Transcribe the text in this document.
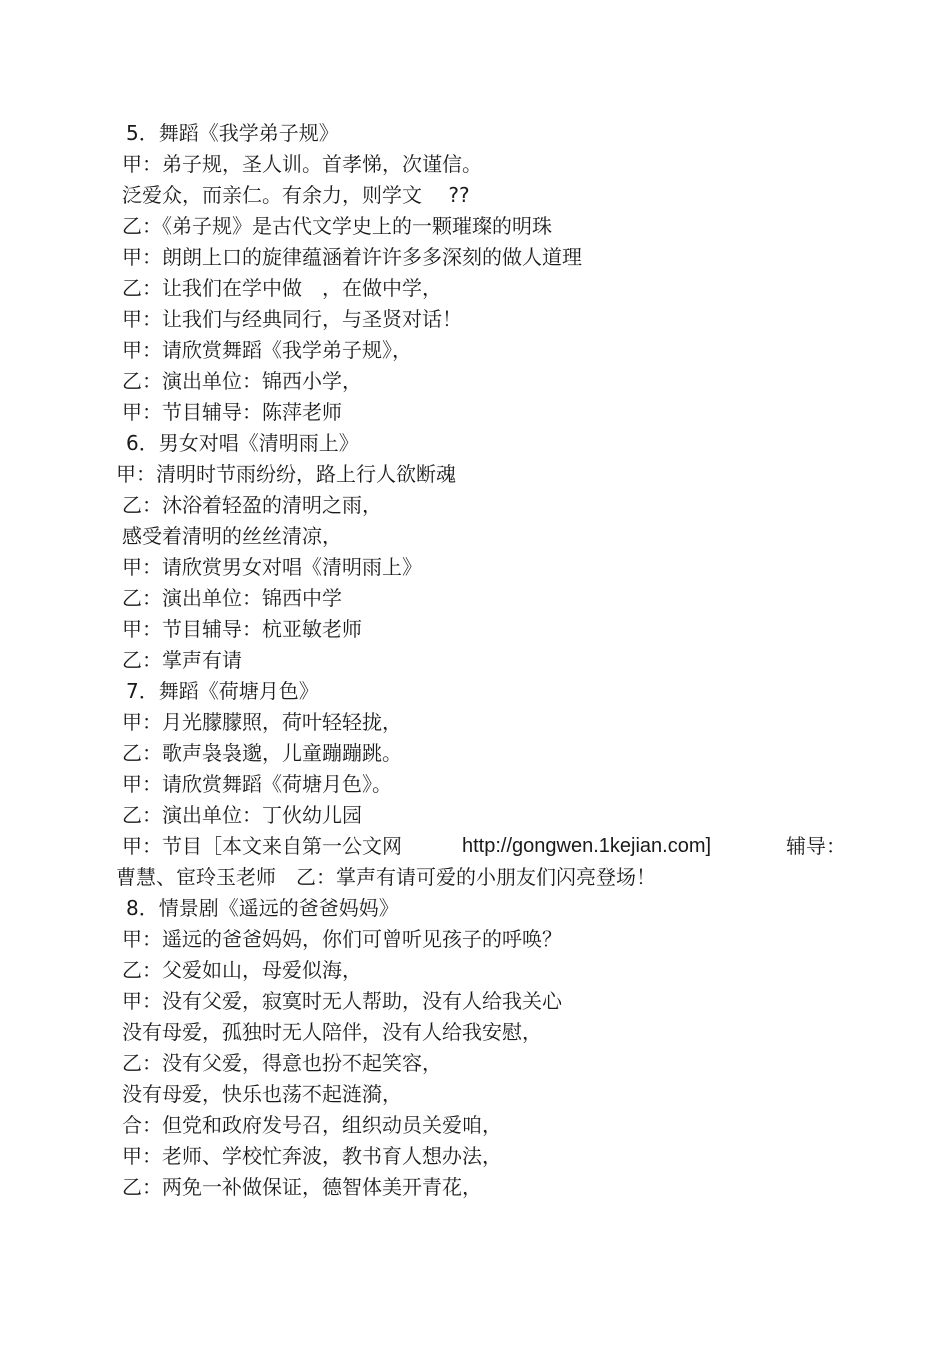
5．舞蹈《我学弟子规》
甲：弟子规，圣人训。首孝悌，次谨信。
泛爱众，而亲仁。有余力，则学文　 ??
乙：《弟子规》是古代文学史上的一颗璀璨的明珠
甲：朗朗上口的旋律蕴涵着许许多多深刻的做人道理
乙：让我们在学中做　，在做中学，
甲：让我们与经典同行，与圣贤对话！
甲：请欣赏舞蹈《我学弟子规》，
乙：演出单位：锦西小学，
甲：节目辅导：陈萍老师
6．男女对唱《清明雨上》
甲：清明时节雨纷纷，路上行人欲断魂
乙：沐浴着轻盈的清明之雨，
感受着清明的丝丝清凉，
甲：请欣赏男女对唱《清明雨上》
乙：演出单位：锦西中学
甲：节目辅导：杭亚敏老师
乙：掌声有请
7．舞蹈《荷塘月色》
甲：月光朦朦照，荷叶轻轻拢，
乙：歌声袅袅邈，儿童蹦蹦跳。
甲：请欣赏舞蹈《荷塘月色》。
乙：演出单位：丁伙幼儿园
甲：节目［本文来自第一公文网	http://gongwen.1kejian.com]	辅导：
曹慧、宦玲玉老师　乙：掌声有请可爱的小朋友们闪亮登场！
8．情景剧《遥远的爸爸妈妈》
甲：遥远的爸爸妈妈，你们可曾听见孩子的呼唤？
乙：父爱如山，母爱似海，
甲：没有父爱，寂寞时无人帮助，没有人给我关心
没有母爱，孤独时无人陪伴，没有人给我安慰，
乙：没有父爱，得意也扮不起笑容，
没有母爱，快乐也荡不起涟漪，
合：但党和政府发号召，组织动员关爱咱，
甲：老师、学校忙奔波，教书育人想办法，
乙：两免一补做保证，德智体美开青花，
